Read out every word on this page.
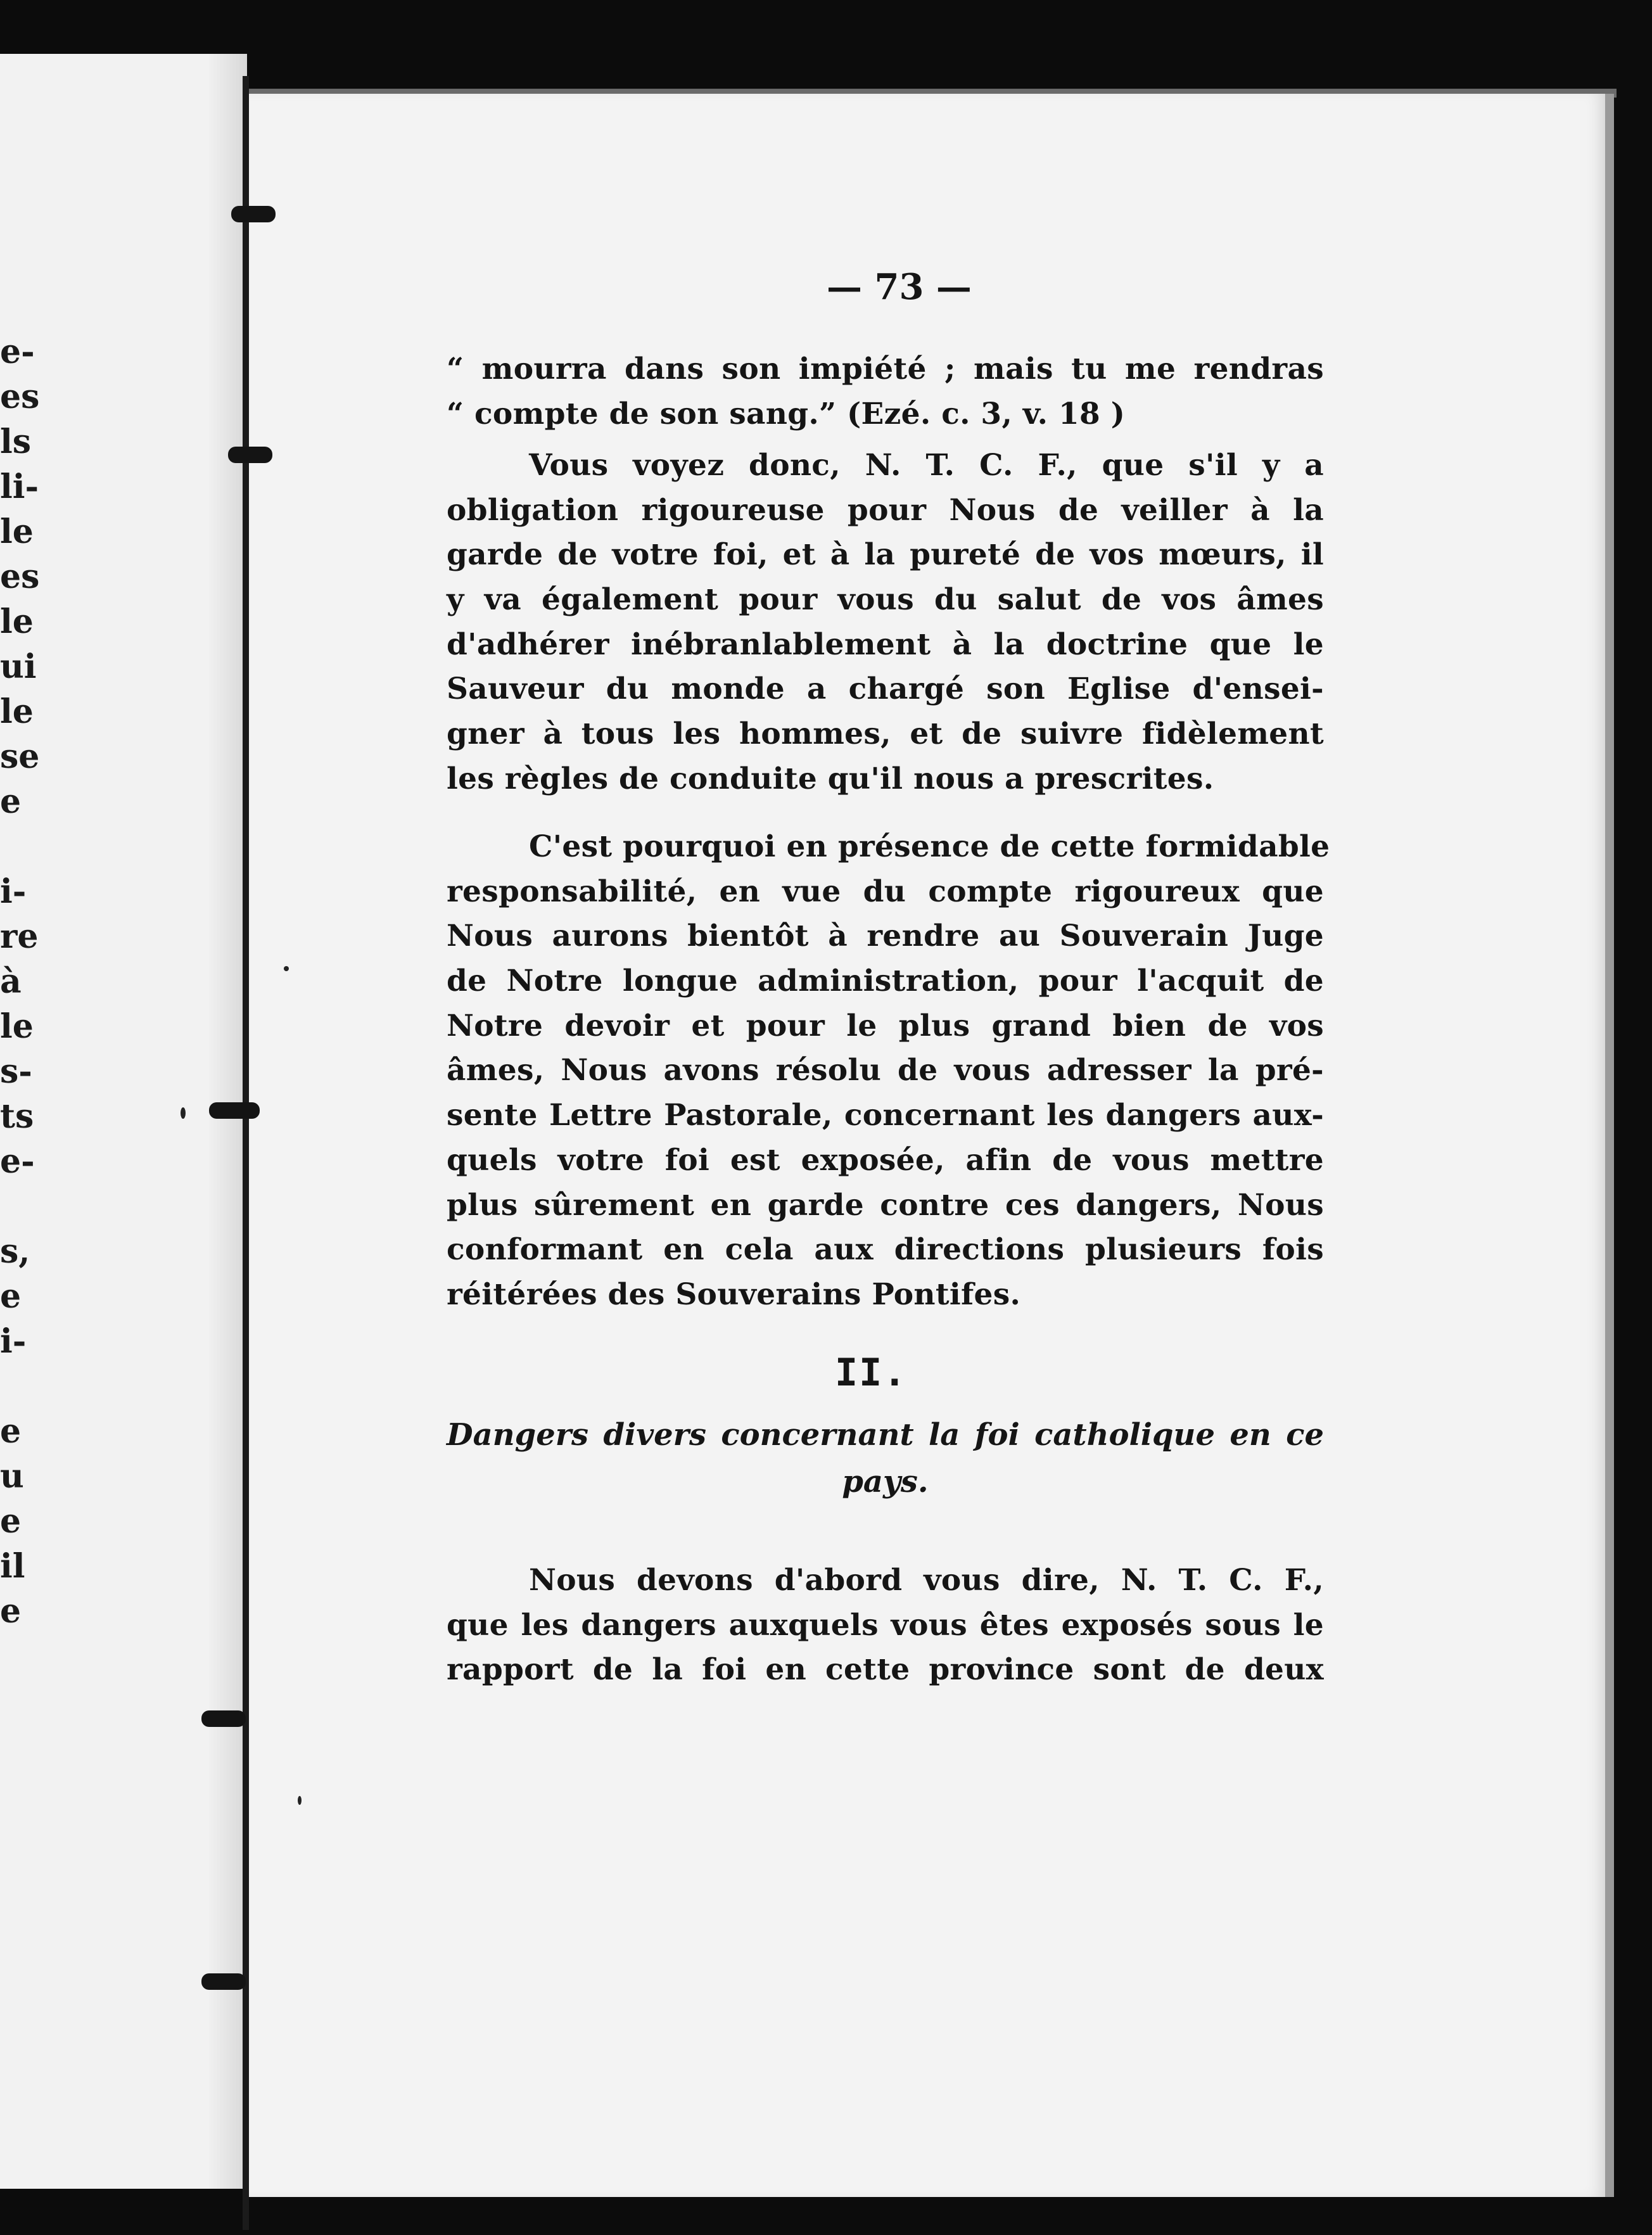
e-
es
ls
li-
le
es
le
ui
le
se
e
i-
re
à
le
s-
ts
e-
s,
e
i-
e
u
e
il
e
— 73 —
“ mourra dans son impiété ; mais tu me rendras
“ compte de son sang.” (Ezé. c. 3, v. 18 )
Vous voyez donc, N. T. C. F., que s'il y a
obligation rigoureuse pour Nous de veiller à la
garde de votre foi, et à la pureté de vos mœurs, il
y va également pour vous du salut de vos âmes
d'adhérer inébranlablement à la doctrine que le
Sauveur du monde a chargé son Eglise d'ensei-
gner à tous les hommes, et de suivre fidèlement
les règles de conduite qu'il nous a prescrites.
C'est pourquoi en présence de cette formidable
responsabilité, en vue du compte rigoureux que
Nous aurons bientôt à rendre au Souverain Juge
de Notre longue administration, pour l'acquit de
Notre devoir et pour le plus grand bien de vos
âmes, Nous avons résolu de vous adresser la pré-
sente Lettre Pastorale, concernant les dangers aux-
quels votre foi est exposée, afin de vous mettre
plus sûrement en garde contre ces dangers, Nous
conformant en cela aux directions plusieurs fois
réitérées des Souverains Pontifes.
Dangers divers concernant la foi catholique en ce
pays.
Nous devons d'abord vous dire, N. T. C. F.,
que les dangers auxquels vous êtes exposés sous le
rapport de la foi en cette province sont de deux
II.
